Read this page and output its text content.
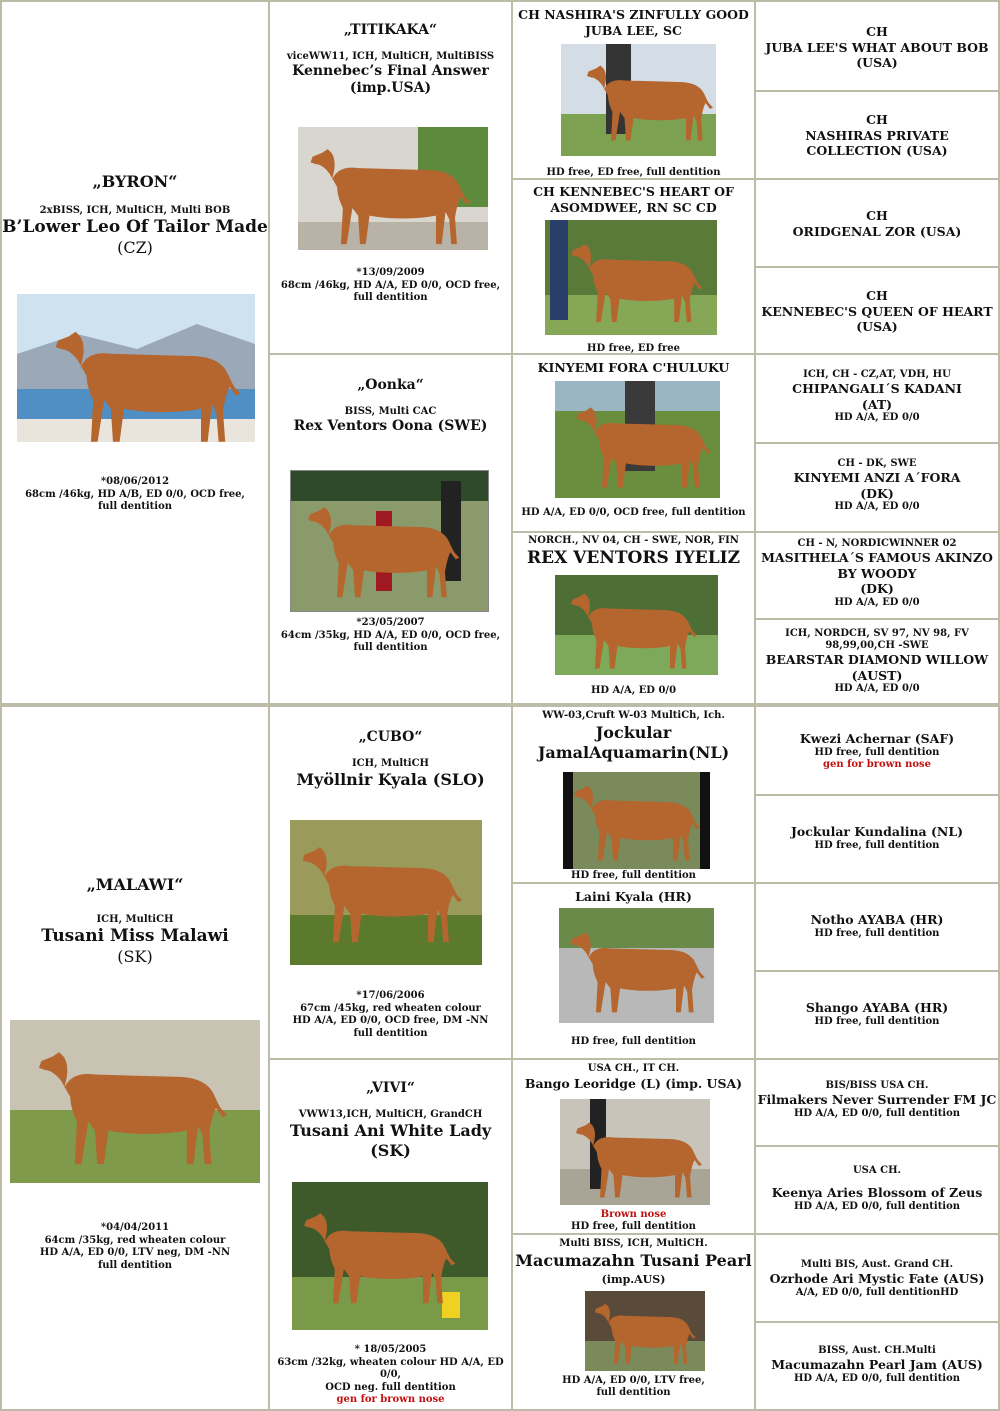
„BYRON“
2xBISS, ICH, MultiCH, Multi BOB
B’Lower Leo Of Tailor Made
(CZ)
*08/06/2012
68cm /46kg, HD A/B, ED 0/0, OCD free,
full dentition
„TITIKAKA“
viceWW11, ICH, MultiCH, MultiBISS
Kennebec’s Final Answer (imp.USA)
*13/09/2009
68cm /46kg, HD A/A, ED 0/0, OCD free,
full dentition
„Oonka“
BISS, Multi CAC
Rex Ventors Oona (SWE)
*23/05/2007
64cm /35kg, HD A/A, ED 0/0, OCD free,
full dentition
CH NASHIRA'S ZINFULLY GOOD
JUBA LEE, SC
HD free, ED free, full dentition
CH KENNEBEC'S HEART OF
ASOMDWEE, RN SC CD
HD free, ED free
KINYEMI FORA C'HULUKU
HD A/A, ED 0/0, OCD free, full dentition
NORCH., NV 04, CH - SWE, NOR, FIN
REX VENTORS IYELIZ
HD A/A, ED 0/0
CH
JUBA LEE'S WHAT ABOUT BOB
(USA)
CH
NASHIRAS PRIVATE
COLLECTION (USA)
CH
ORIDGENAL ZOR (USA)
CH
KENNEBEC'S QUEEN OF HEART
(USA)
ICH, CH - CZ,AT, VDH, HU
CHIPANGALI´S KADANI
(AT)
HD A/A, ED 0/0
CH - DK, SWE
KINYEMI ANZI A´FORA
(DK)
HD A/A, ED 0/0
CH - N, NORDICWINNER 02
MASITHELA´S FAMOUS AKINZO
BY WOODY
(DK)
HD A/A, ED 0/0
ICH, NORDCH, SV 97, NV 98, FV 98,99,00,CH -SWE
BEARSTAR DIAMOND WILLOW
(AUST)
HD A/A, ED 0/0
„MALAWI“
ICH, MultiCH
Tusani Miss Malawi
(SK)
*04/04/2011
64cm /35kg, red wheaten colour
HD A/A, ED 0/0, LTV neg, DM -NN
full dentition
„CUBO“
ICH, MultiCH
Myöllnir Kyala (SLO)
*17/06/2006
67cm /45kg, red wheaten colour
HD A/A, ED 0/0, OCD free, DM -NN
full dentition
„VIVI“
VWW13,ICH, MultiCH, GrandCH
Tusani Ani White Lady (SK)
* 18/05/2005
63cm /32kg, wheaten colour HD A/A, ED 0/0,
OCD neg. full dentition
gen for brown nose
WW-03,Cruft W-03 MultiCh, Ich.
Jockular
JamalAquamarin(NL)
HD free, full dentition
Laini Kyala (HR)
HD free, full dentition
USA CH., IT CH.
Bango Leoridge (L) (imp. USA)
Brown nose
HD free, full dentition
Multi BISS, ICH, MultiCH.
Macumazahn Tusani Pearl
(imp.AUS)
HD A/A, ED 0/0, LTV free,
full dentition
Kwezi Achernar (SAF)
HD free, full dentition
gen for brown nose
Jockular Kundalina (NL)
HD free, full dentition
Notho AYABA (HR)
HD free, full dentition
Shango AYABA (HR)
HD free, full dentition
BIS/BISS USA CH.
Filmakers Never Surrender FM JC
HD A/A, ED 0/0, full dentition
USA CH.
Keenya Aries Blossom of Zeus
HD A/A, ED 0/0, full dentition
Multi BIS, Aust. Grand CH.
Ozrhode Ari Mystic Fate (AUS)
A/A, ED 0/0, full dentitionHD
BISS, Aust. CH.Multi
Macumazahn Pearl Jam (AUS)
HD A/A, ED 0/0, full dentition
